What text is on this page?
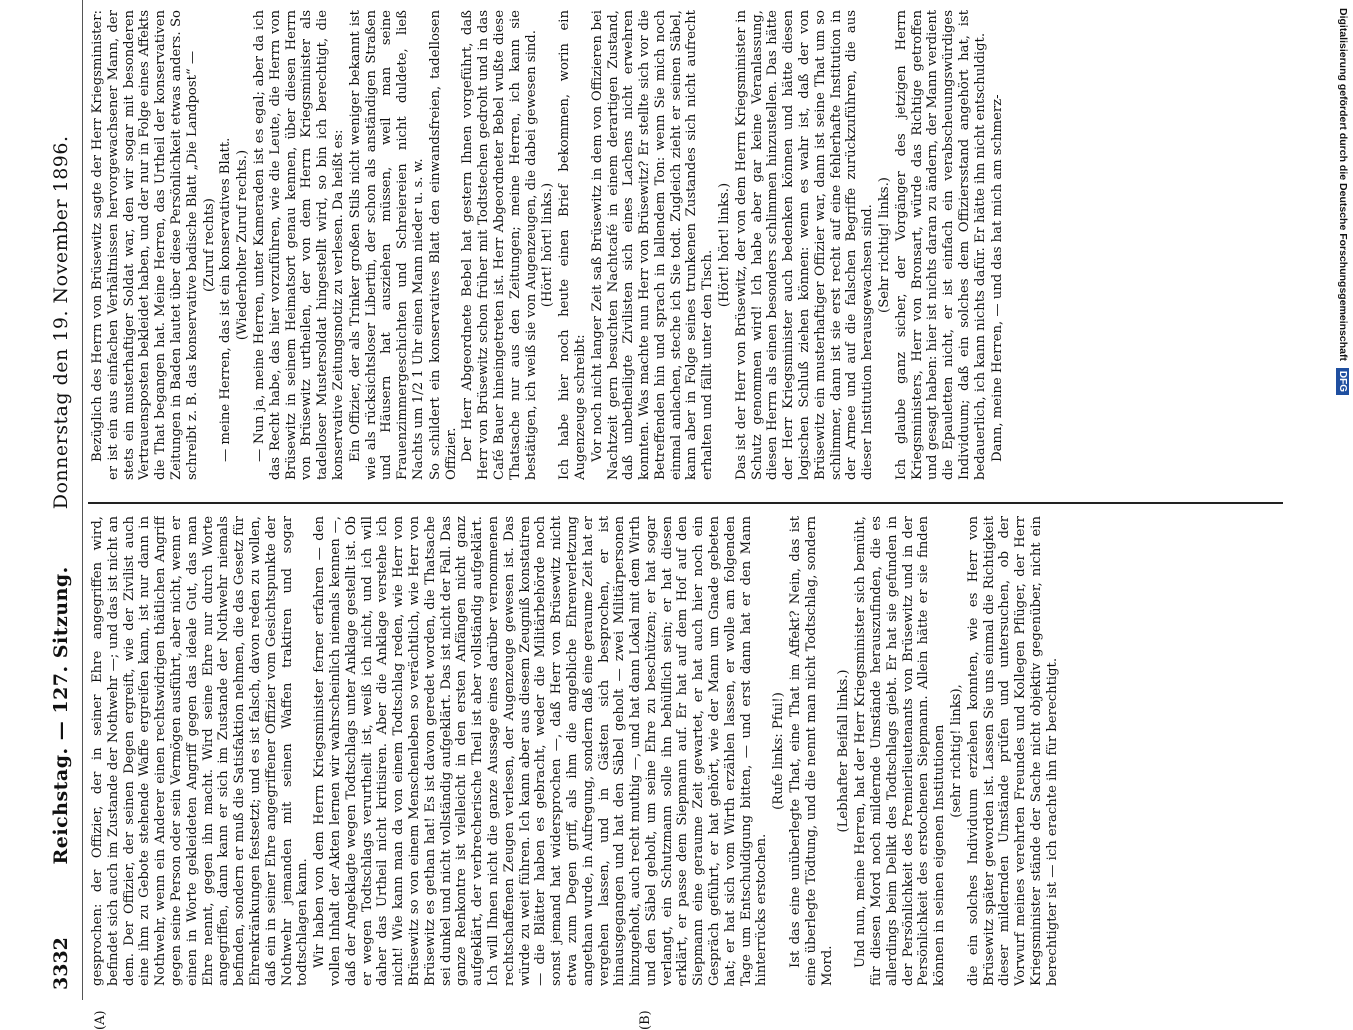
3332
Reichstag. — 127. Sitzung.        Donnerstag den 19. November 1896.
(A)	(B)

gesprochen: der Offizier, der in seiner Ehre angegriffen wird, befindet sich auch im Zustande der Nothwehr —; und das ist nicht an dem. Der Offizier, der seinen Degen ergreift, wie der Zivilist auch eine ihm zu Gebote stehende Waffe ergreifen kann, ist nur dann in Nothwehr, wenn ein Anderer einen rechtswidrigen thätlichen Angriff gegen seine Person oder sein Vermögen ausführt, aber nicht, wenn er einen in Worte gekleideten Angriff gegen das ideale Gut, das man Ehre nennt, gegen ihn macht. Wird seine Ehre nur durch Worte angegriffen, dann kann er sich im Zustande der Nothwehr niemals befinden, sondern er muß die Satisfaktion nehmen, die das Gesetz für Ehrenkränkungen festsetzt; und es ist falsch, davon reden zu wollen, daß ein in seiner Ehre angegriffener Offizier vom Gesichtspunkte der Nothwehr jemanden mit seinen Waffen traktiren und sogar todtschlagen kann. Wir haben von dem Herrn Kriegsminister ferner erfahren — den vollen Inhalt der Akten lernen wir wahrscheinlich niemals kennen —, daß der Angeklagte wegen Todtschlags unter Anklage gestellt ist. Ob er wegen Todtschlags verurtheilt ist, weiß ich nicht, und ich will daher das Urtheil nicht kritisiren. Aber die Anklage verstehe ich nicht! Wie kann man da von einem Todtschlag reden, wie Herr von Brüsewitz so von einem Menschenleben so verächtlich, wie Herr von Brüsewitz es gethan hat! Es ist davon geredet worden, die Thatsache sei dunkel und nicht vollständig aufgeklärt. Das ist nicht der Fall. Das ganze Renkontre ist vielleicht in den ersten Anfängen nicht ganz aufgeklärt, der verbrecherische Theil ist aber vollständig aufgeklärt. Ich will Ihnen nicht die ganze Aussage eines darüber vernommenen rechtschaffenen Zeugen verlesen, der Augenzeuge gewesen ist. Das würde zu weit führen. Ich kann aber aus diesem Zeugniß konstatiren — die Blätter haben es gebracht, weder die Militärbehörde noch sonst jemand hat widersprochen —, daß Herr von Brüsewitz nicht etwa zum Degen griff, als ihm die angebliche Ehrenverletzung angethan wurde, in Aufregung, sondern daß eine geraume Zeit hat er vergehen lassen, und in Gästen sich besprochen, er ist hinausgegangen und hat den Säbel geholt — zwei Militärpersonen hinzugeholt, auch recht muthig —, und hat dann Lokal mit dem Wirth und den Säbel geholt, um seine Ehre zu beschützen; er hat sogar verlangt, ein Schutzmann solle ihn behülflich sein; er hat diesen erklärt, er passe dem Siepmann auf. Er hat auf dem Hof auf den Siepmann eine geraume Zeit gewartet, er hat auch hier noch ein Gespräch geführt, er hat gehört, wie der Mann um Gnade gebeten hat; er hat sich vom Wirth erzählen lassen, er wolle am folgenden Tage um Entschuldigung bitten, — und erst dann hat er den Mann hinterrücks erstochen.

(Rufe links: Pfui!) Ist das eine unüberlegte That, eine That im Affekt? Nein, das ist eine überlegte Tödtung, und die nennt man nicht Todtschlag, sondern Mord.

(Lebhafter Beifall links.) Und nun, meine Herren, hat der Herr Kriegsminister sich bemüht, für diesen Mord noch mildernde Umstände herauszufinden, die es allerdings beim Delikt des Todtschlags giebt. Er hat sie gefunden in der Persönlichkeit des Premierlieutenants von Brüsewitz und in der Persönlichkeit des erstochenen Siepmann. Allein hätte er sie finden können in seinen eigenen Institutionen (sehr richtig! links), die ein solches Individuum erziehen konnten, wie es Herr von Brüsewitz später geworden ist. Lassen Sie uns einmal die Richtigkeit dieser mildernden Umstände prüfen und untersuchen, ob der Vorwurf meines verehrten Freundes und Kollegen Pflüger, der Herr Kriegsminister stände der Sache nicht objektiv gegenüber, nicht ein berechtigter ist — ich erachte ihn für berechtigt.

Bezüglich des Herrn von Brüsewitz sagte der Herr Kriegsminister: er ist ein aus einfachen Verhältnissen hervorgewachsener Mann, der stets ein musterhaftiger Soldat war, den wir sogar mit besonderen Vertrauensposten bekleidet haben, und der nur in Folge eines Affekts die That begangen hat. Meine Herren, das Urtheil der konservativen Zeitungen in Baden lautet über diese Persönlichkeit etwas anders. So schreibt z. B. das konservative badische Blatt „Die Landpost“ — (Zuruf rechts) — meine Herren, das ist ein konservatives Blatt. (Wiederholter Zuruf rechts.) — Nun ja, meine Herren, unter Kameraden ist es egal; aber da ich das Recht habe, das hier vorzuführen, wie die Leute, die Herrn von Brüsewitz in seinem Heimatsort genau kennen, über diesen Herrn von Brüsewitz urtheilen, der von dem Herrn Kriegsminister als tadelloser Mustersoldat hingestellt wird, so bin ich berechtigt, die konservative Zeitungsnotiz zu verlesen. Da heißt es: Ein Offizier, der als Trinker großen Stils nicht weniger bekannt ist wie als rücksichtsloser Libertin, der schon als anständigen Straßen und Häusern hat ausziehen müssen, weil man seine Frauenzimmergeschichten und Schreiereien nicht duldete, ließ Nachts um 1/2 1 Uhr einen Mann nieder u. s. w. So schildert ein konservatives Blatt den einwandsfreien, tadellosen Offizier. Der Herr Abgeordnete Bebel hat gestern Ihnen vorgeführt, daß Herr von Brüsewitz schon früher mit Todtstechen gedroht und in das Café Bauer hineingetreten ist. Herr Abgeordneter Bebel wußte diese Thatsache nur aus den Zeitungen; meine Herren, ich kann sie bestätigen, ich weiß sie von Augenzeugen, die dabei gewesen sind. (Hört! hört! links.) Ich habe hier noch heute einen Brief bekommen, worin ein Augenzeuge schreibt: Vor noch nicht langer Zeit saß Brüsewitz in dem von Offizieren bei Nachtzeit gern besuchten Nachtcafé in einem derartigen Zustand, daß unbetheiligte Zivilisten sich eines Lachens nicht erwehren konnten. Was machte nun Herr von Brüsewitz? Er stellte sich vor die Betreffenden hin und sprach in lallendem Ton: wenn Sie mich noch einmal anlachen, steche ich Sie todt. Zugleich zieht er seinen Säbel, kann aber in Folge seines trunkenen Zustandes sich nicht aufrecht erhalten und fällt unter den Tisch.

(Hört! hört! links.) Das ist der Herr von Brüsewitz, der von dem Herrn Kriegsminister in Schutz genommen wird! Ich habe aber gar keine Veranlassung, diesen Herrn als einen besonders schlimmen hinzustellen. Das hätte der Herr Kriegsminister auch bedenken können und hätte diesen logischen Schluß ziehen können: wenn es wahr ist, daß der von Brüsewitz ein musterhaftiger Offizier war, dann ist seine That um so schlimmer, dann ist sie erst recht auf eine fehlerhafte Institution in der Armee und auf die falschen Begriffe zurückzuführen, die aus dieser Institution herausgewachsen sind. (Sehr richtig! links.) Ich glaube ganz sicher, der Vorgänger des jetzigen Herrn Kriegsministers, Herr von Bronsart, würde das Richtige getroffen und gesagt haben: hier ist nichts daran zu ändern, der Mann verdient die Epauletten nicht, er ist einfach ein verabscheuungswürdiges Individuum; daß ein solches dem Offiziersstand angehört hat, ist bedauerlich, ich kann nichts dafür. Er hätte ihn nicht entschuldigt. Dann, meine Herren, — und das hat mich am schmerz-	Digitalisierung gefördert durch die Deutsche Forschungsgemeinschaft DFG
